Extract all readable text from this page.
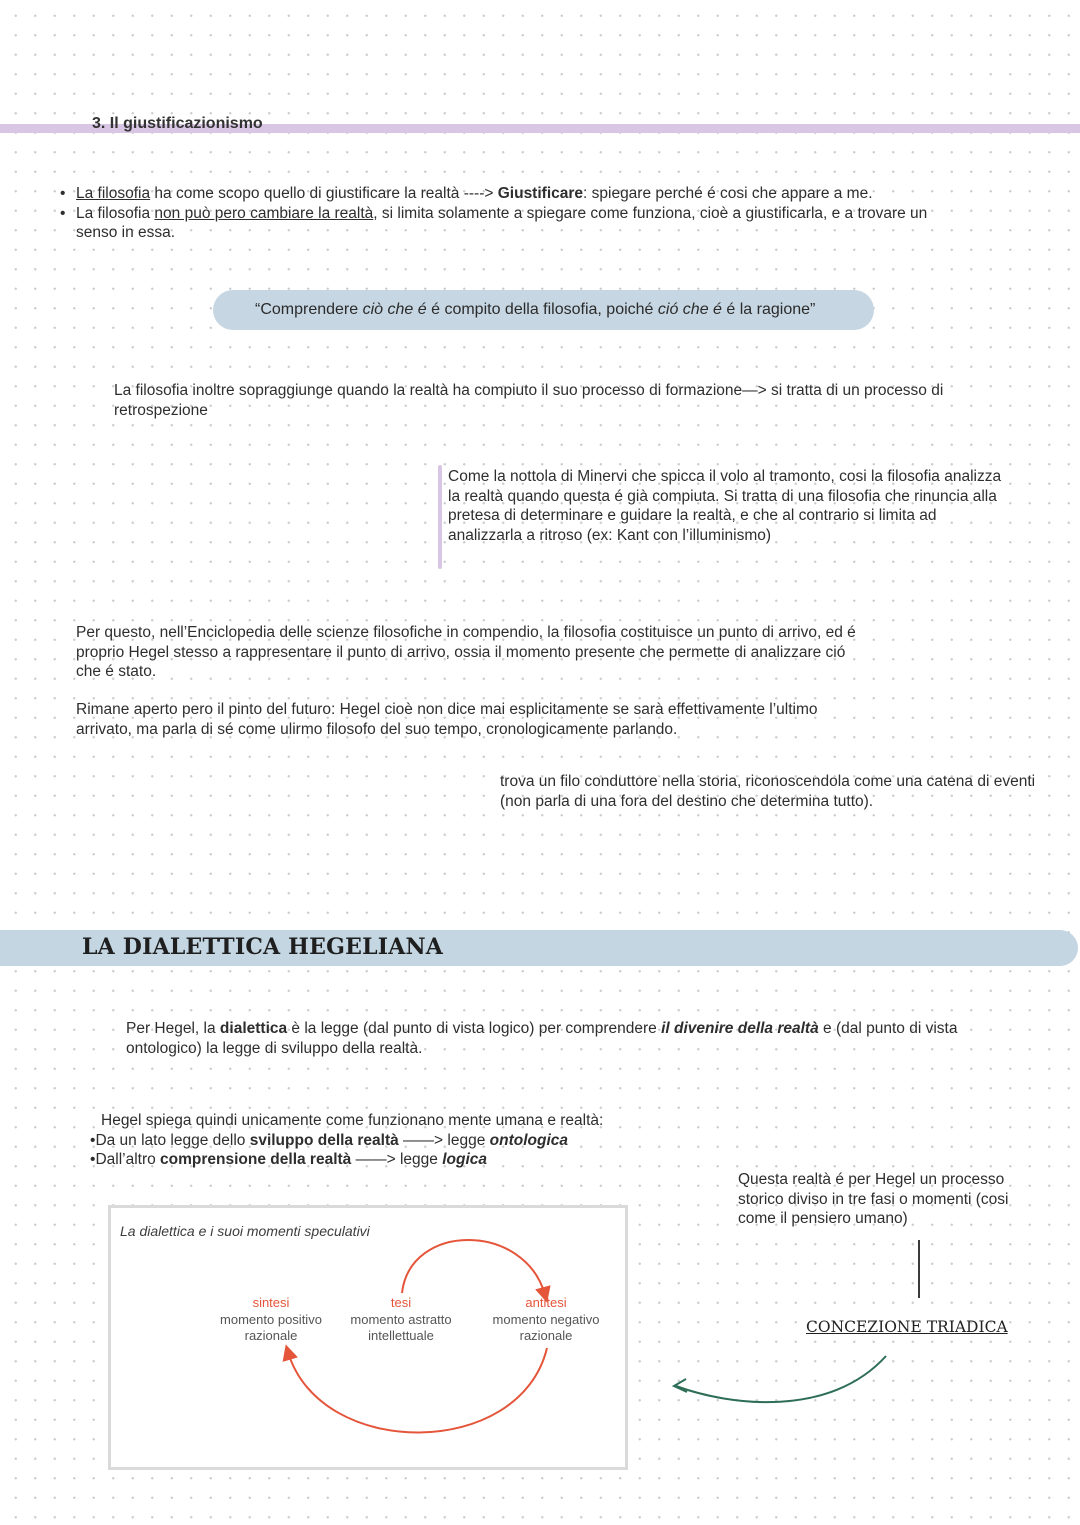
3. Il giustificazionismo
• La filosofia ha come scopo quello di giustificare la realtà ----> Giustificare: spiegare perché é cosi che appare a me.
• La filosofia non può pero cambiare la realtà, si limita solamente a spiegare come funziona, cioè a giustificarla, e a trovare un senso in essa.
“Comprendere ciò che é é compito della filosofia, poiché ció che é é la ragione”
La filosofia inoltre sopraggiunge quando la realtà ha compiuto il suo processo di formazione—> si tratta di un processo di retrospezione
Come la nottola di Minervi che spicca il volo al tramonto, cosi la filosofia analizza la realtà quando questa é già compiuta. Si tratta di una filosofia che rinuncia alla pretesa di determinare e guidare la realtà, e che al contrario si limita ad analizzarla a ritroso (ex: Kant con l’illuminismo)
Per questo, nell’Enciclopedia delle scienze filosofiche in compendio, la filosofia costituisce un punto di arrivo, ed é proprio Hegel stesso a rappresentare il punto di arrivo, ossia il momento presente che permette di analizzare ció che é stato.
Rimane aperto pero il pinto del futuro: Hegel cioè non dice mai esplicitamente se sarà effettivamente l’ultimo arrivato, ma parla di sé come ulirmo filosofo del suo tempo, cronologicamente parlando.
trova un filo conduttore nella storia, riconoscendola come una catena di eventi (non parla di una fora del destino che determina tutto).
LA DIALETTICA HEGELIANA
Per Hegel, la dialettica è la legge (dal punto di vista logico) per comprendere il divenire della realtà e (dal punto di vista ontologico) la legge di sviluppo della realtà.
Hegel spiega quindi unicamente come funzionano mente umana e realtà:
•Da un lato legge dello sviluppo della realtà ——> legge ontologica
•Dall’altro comprensione della realtà ——> legge logica
Questa realtà é per Hegel un processo storico diviso in tre fasi o momenti (cosi come il pensiero umano)
CONCEZIONE TRIADICA
La dialettica e i suoi momenti speculativi
sintesi
momento positivo
razionale
tesi
momento astratto
intellettuale
antitesi
momento negativo
razionale
